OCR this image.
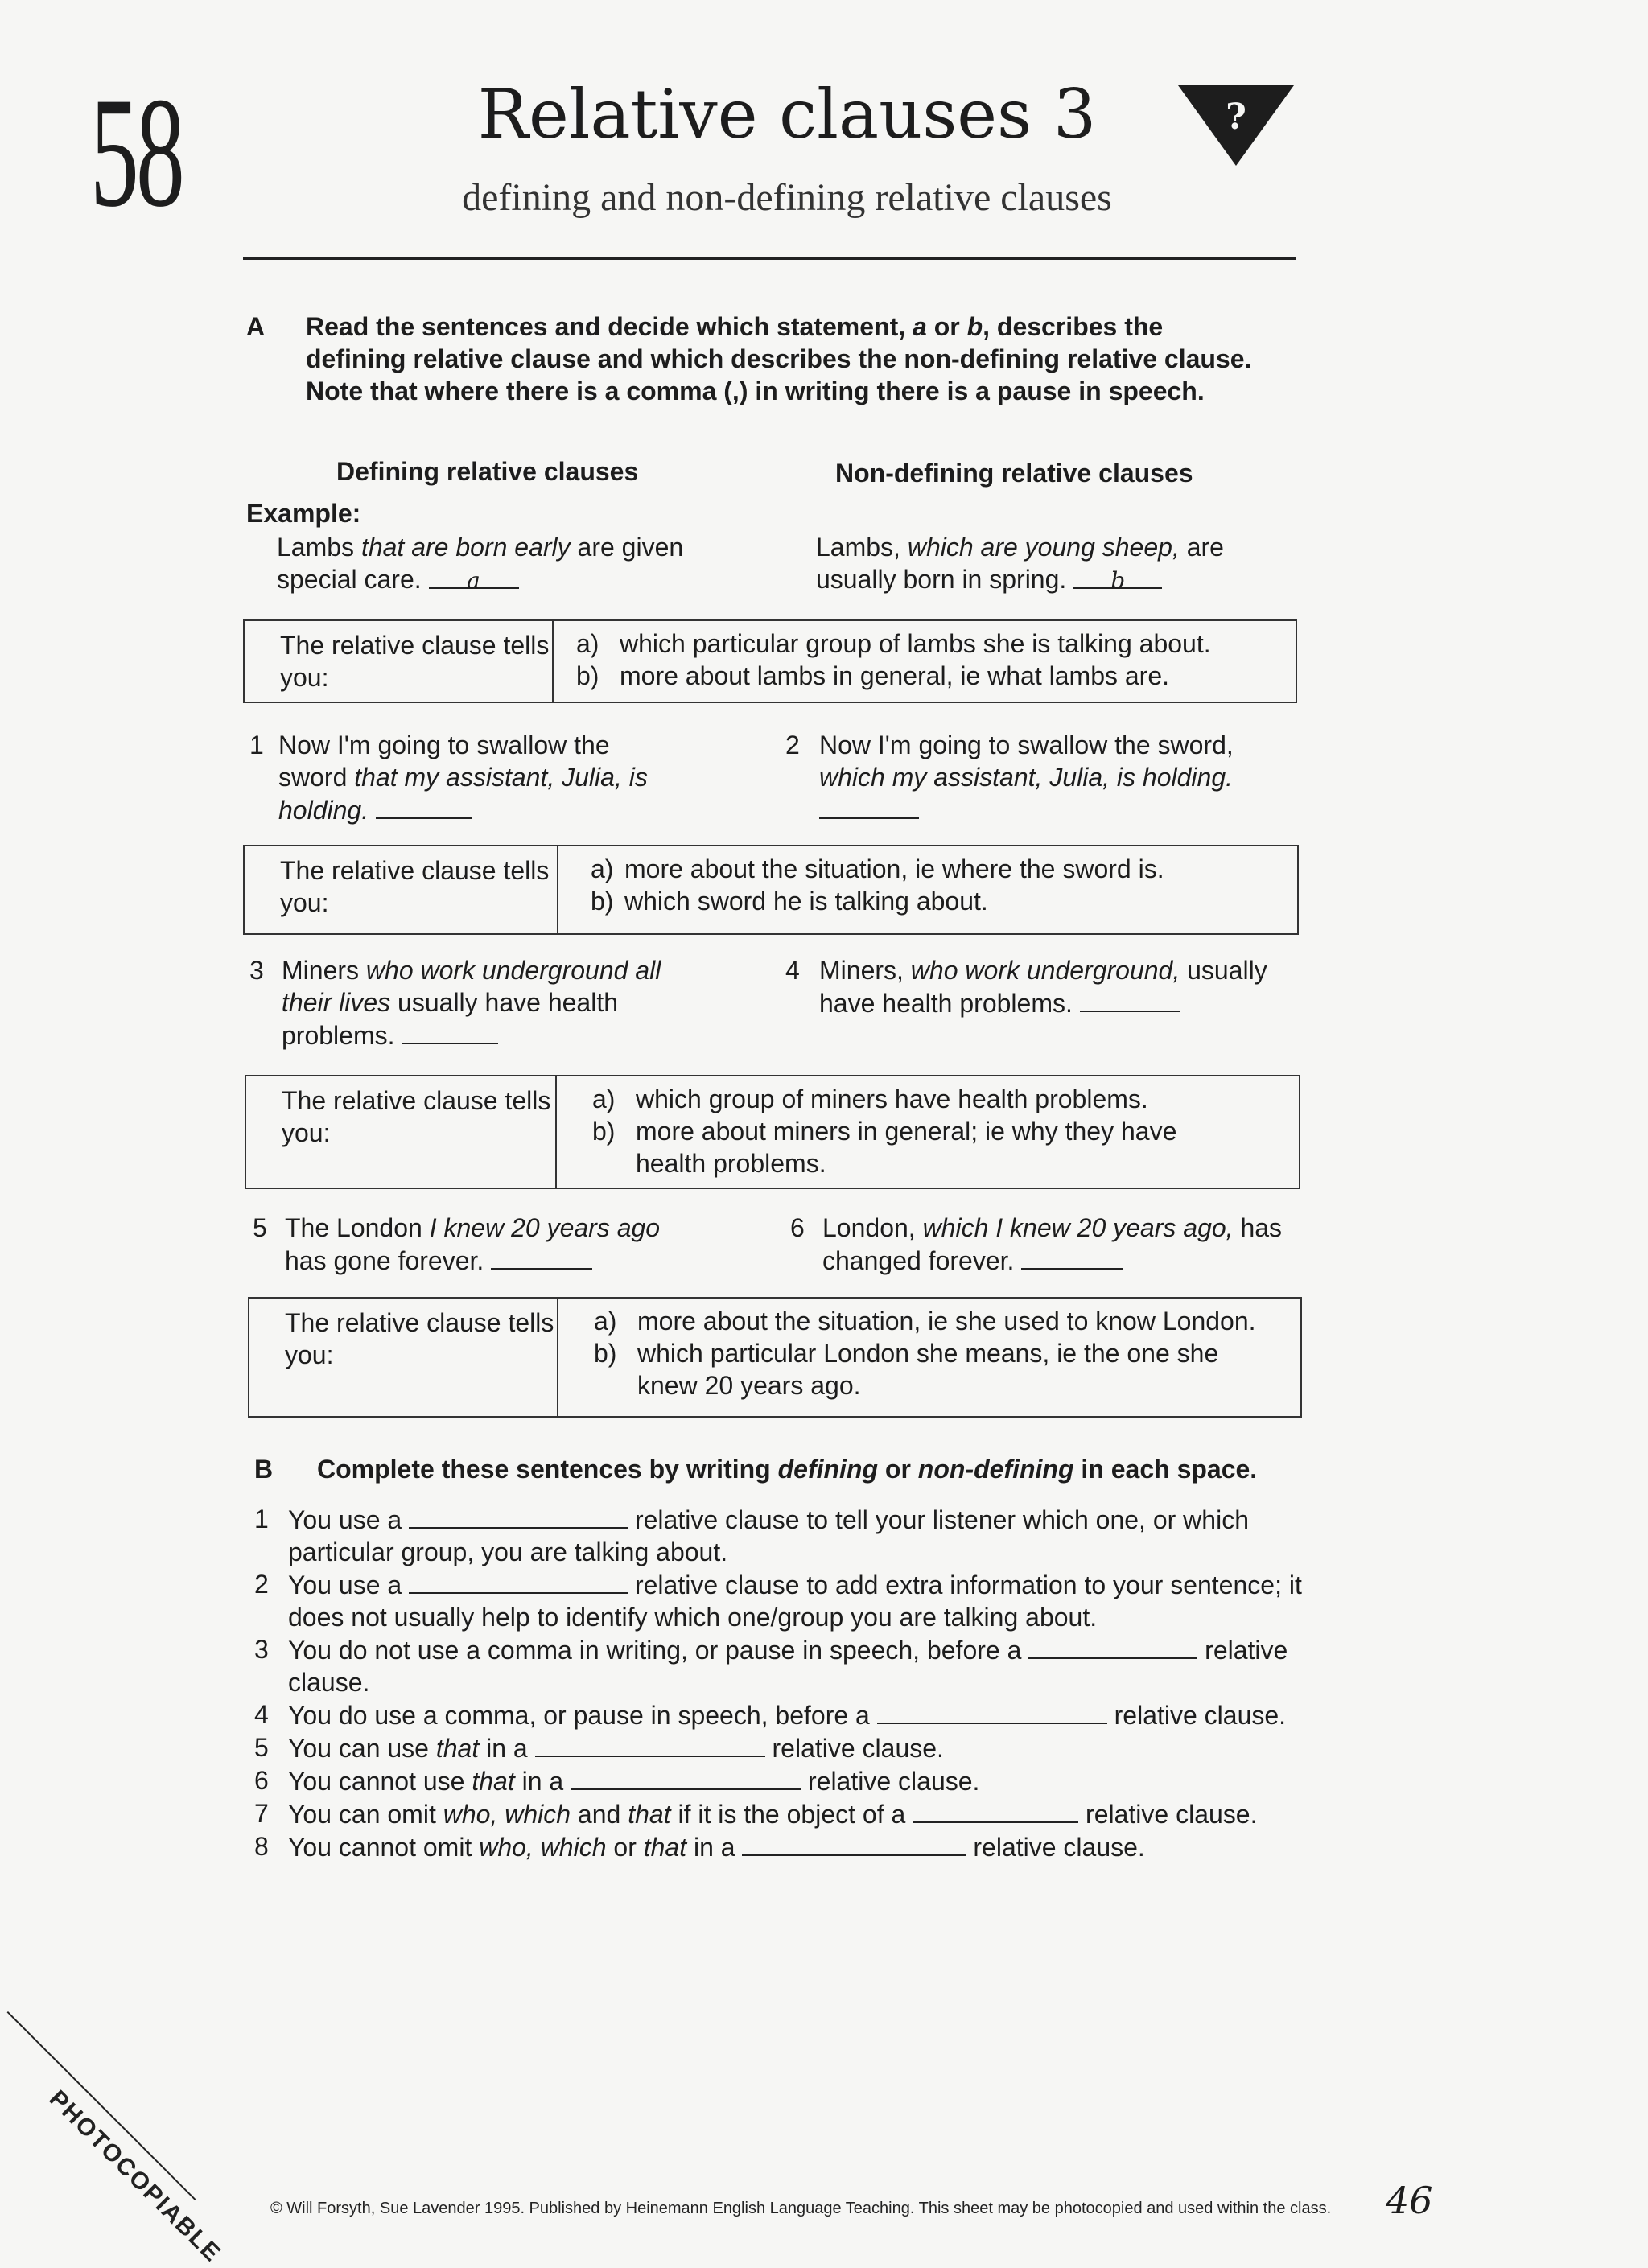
58	Relative clauses 3
defining and non-defining relative clauses
?
A Read the sentences and decide which statement, a or b, describes the defining relative clause and which describes the non-defining relative clause. Note that where there is a comma (,) in writing there is a pause in speech.
Defining relative clauses	Non-defining relative clauses
Example:
Lambs that are born early are given special care. a
Lambs, which are young sheep, are usually born in spring. b
The relative clause tells you:
a) which particular group of lambs she is talking about.
b) more about lambs in general, ie what lambs are.
1 Now I'm going to swallow the sword that my assistant, Julia, is holding.
2 Now I'm going to swallow the sword, which my assistant, Julia, is holding.
The relative clause tells you:
a) more about the situation, ie where the sword is.
b) which sword he is talking about.
3 Miners who work underground all their lives usually have health problems.
4 Miners, who work underground, usually have health problems.
The relative clause tells you:
a) which group of miners have health problems.
b) more about miners in general; ie why they have health problems.
5 The London I knew 20 years ago has gone forever.
6 London, which I knew 20 years ago, has changed forever.
The relative clause tells you:
a) more about the situation, ie she used to know London.
b) which particular London she means, ie the one she knew 20 years ago.
B Complete these sentences by writing defining or non-defining in each space.
1 You use a	relative clause to tell your listener which one, or which particular group, you are talking about.
2 You use a	relative clause to add extra information to your sentence; it does not usually help to identify which one/group you are talking about.
3 You do not use a comma in writing, or pause in speech, before a	relative clause.
4 You do use a comma, or pause in speech, before a	relative clause.
5 You can use that in a	relative clause.
6 You cannot use that in a	relative clause.
7 You can omit who, which and that if it is the object of a	relative clause.
8 You cannot omit who, which or that in a	relative clause.
PHOTOCOPIABLE	© Will Forsyth, Sue Lavender 1995. Published by Heinemann English Language Teaching. This sheet may be photocopied and used within the class. 46
